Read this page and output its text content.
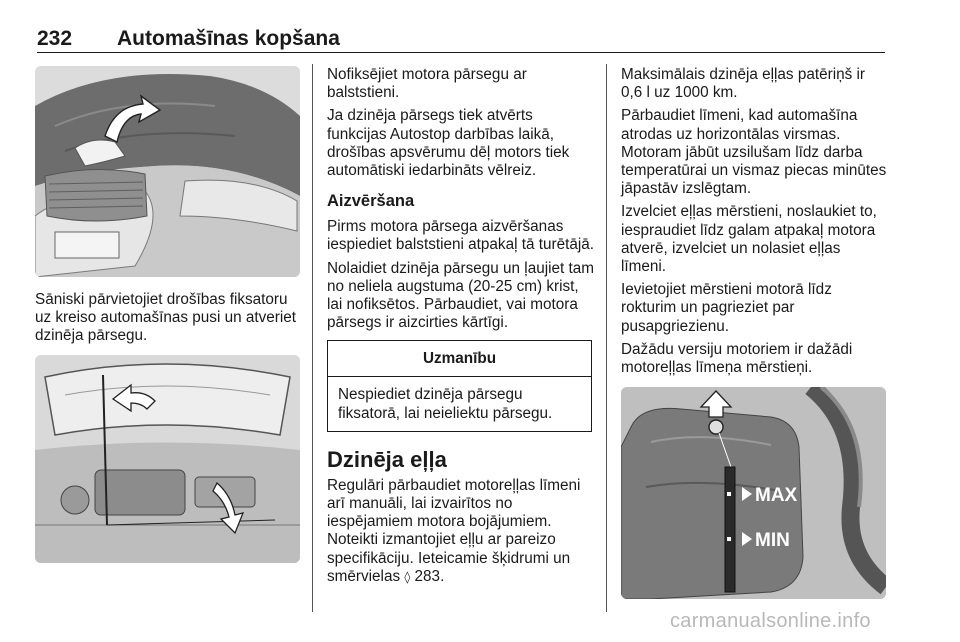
232 Automašīnas kopšana

Sāniski pārvietojiet drošības fiksatoru uz kreiso automašīnas pusi un atveriet dzinēja pārsegu.

Nofiksējiet motora pārsegu ar balststieni.

Ja dzinēja pārsegs tiek atvērts funkcijas Autostop darbības laikā, drošības apsvērumu dēļ motors tiek automātiski iedarbināts vēlreiz.

Aizvēršana

Pirms motora pārsega aizvēršanas iespiediet balststieni atpakaļ tā turētājā.

Nolaidiet dzinēja pārsegu un ļaujiet tam no neliela augstuma (20-25 cm) krist, lai nofiksētos. Pārbaudiet, vai motora pārsegs ir aizcirties kārtīgi.

Uzmanību
Nespiediet dzinēja pārsegu fiksatorā, lai neieliektu pārsegu.
Dzinēja eļļa

Regulāri pārbaudiet motoreļļas līmeni arī manuāli, lai izvairītos no iespējamiem motora bojājumiem. Noteikti izmantojiet eļļu ar pareizo specifikāciju. Ieteicamie šķidrumi un smērvielas ◊ 283.

Maksimālais dzinēja eļļas patēriņš ir 0,6 l uz 1000 km.

Pārbaudiet līmeni, kad automašīna atrodas uz horizontālas virsmas. Motoram jābūt uzsilušam līdz darba temperatūrai un vismaz piecas minūtes jāpastāv izslēgtam.

Izvelciet eļļas mērstieni, noslaukiet to, iespraudiet līdz galam atpakaļ motora atverē, izvelciet un nolasiet eļļas līmeni.

Ievietojiet mērstieni motorā līdz rokturim un pagrieziet par pusapgriezienu.

Dažādu versiju motoriem ir dažādi motoreļļas līmeņa mērstieņi.

MAX
MIN
carmanualsonline.info
